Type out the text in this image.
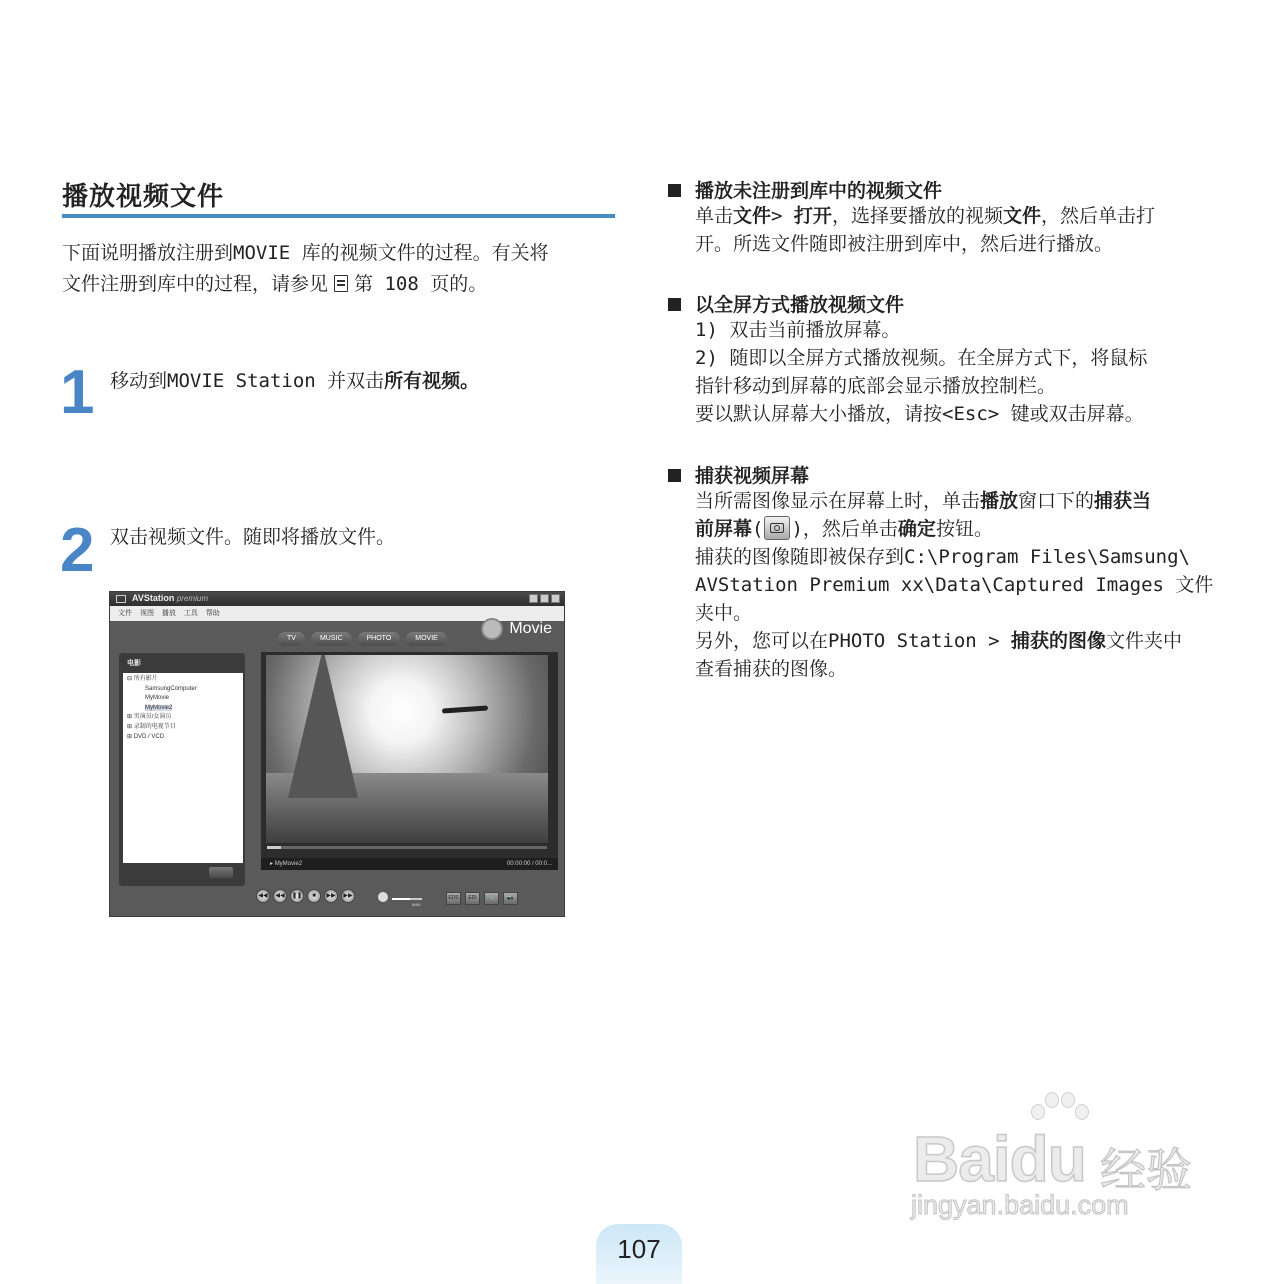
播放视频文件
下面说明播放注册到MOVIE 库的视频文件的过程。有关将
文件注册到库中的过程，请参见 第 108 页的。
1 移动到MOVIE Station 并双击所有视频。
2 双击视频文件。随即将播放文件。
AVStation premium
文件 视图 播放 工具 帮助
TV	MUSIC	PHOTO	MOVIE
Movie
电影
⊟ 所有影片
SamsungComputer
MyMovie
MyMovie2
⊞ 男演员/女演员
⊞ 录制的电视节目
⊞ DVD / VCD
▸ MyMovie2	00:00:00 / 00:0...
◀◀	◀◀	❚❚	■	▶▶	▶▶
MAX
EDS	EDI	🔧	📷
播放未注册到库中的视频文件
单击文件> 打开，选择要播放的视频文件，然后单击打
开。所选文件随即被注册到库中，然后进行播放。
以全屏方式播放视频文件
1) 双击当前播放屏幕。
2) 随即以全屏方式播放视频。在全屏方式下，将鼠标
指针移动到屏幕的底部会显示播放控制栏。
要以默认屏幕大小播放，请按<Esc> 键或双击屏幕。
捕获视频屏幕
当所需图像显示在屏幕上时，单击播放窗口下的捕获当
前屏幕( )，然后单击确定按钮。
捕获的图像随即被保存到C:\Program Files\Samsung\
AVStation Premium xx\Data\Captured Images 文件
夹中。
另外，您可以在PHOTO Station > 捕获的图像文件夹中
查看捕获的图像。
Baidu 经验
jingyan.baidu.com
107
